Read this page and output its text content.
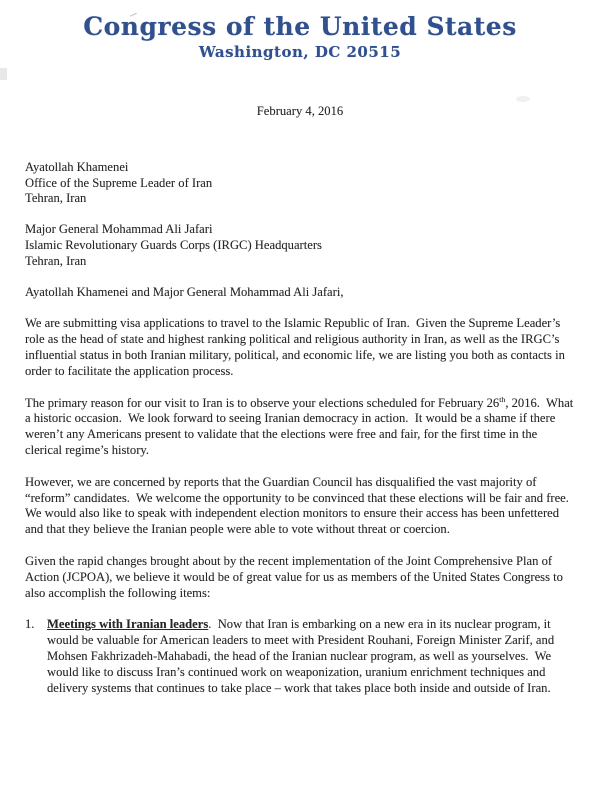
Congress of the United States
Washington, DC 20515
February 4, 2016
Ayatollah Khamenei
Office of the Supreme Leader of Iran
Tehran, Iran
Major General Mohammad Ali Jafari
Islamic Revolutionary Guards Corps (IRGC) Headquarters
Tehran, Iran
Ayatollah Khamenei and Major General Mohammad Ali Jafari,
We are submitting visa applications to travel to the Islamic Republic of Iran.  Given the Supreme Leader’s role as the head of state and highest ranking political and religious authority in Iran, as well as the IRGC’s influential status in both Iranian military, political, and economic life, we are listing you both as contacts in order to facilitate the application process.
The primary reason for our visit to Iran is to observe your elections scheduled for February 26th, 2016.  What a historic occasion.  We look forward to seeing Iranian democracy in action.  It would be a shame if there weren’t any Americans present to validate that the elections were free and fair, for the first time in the clerical regime’s history.
However, we are concerned by reports that the Guardian Council has disqualified the vast majority of “reform” candidates.  We welcome the opportunity to be convinced that these elections will be fair and free.  We would also like to speak with independent election monitors to ensure their access has been unfettered and that they believe the Iranian people were able to vote without threat or coercion.
Given the rapid changes brought about by the recent implementation of the Joint Comprehensive Plan of Action (JCPOA), we believe it would be of great value for us as members of the United States Congress to also accomplish the following items:
1. Meetings with Iranian leaders.  Now that Iran is embarking on a new era in its nuclear program, it would be valuable for American leaders to meet with President Rouhani, Foreign Minister Zarif, and Mohsen Fakhrizadeh-Mahabadi, the head of the Iranian nuclear program, as well as yourselves.  We would like to discuss Iran’s continued work on weaponization, uranium enrichment techniques and delivery systems that continues to take place – work that takes place both inside and outside of Iran.
